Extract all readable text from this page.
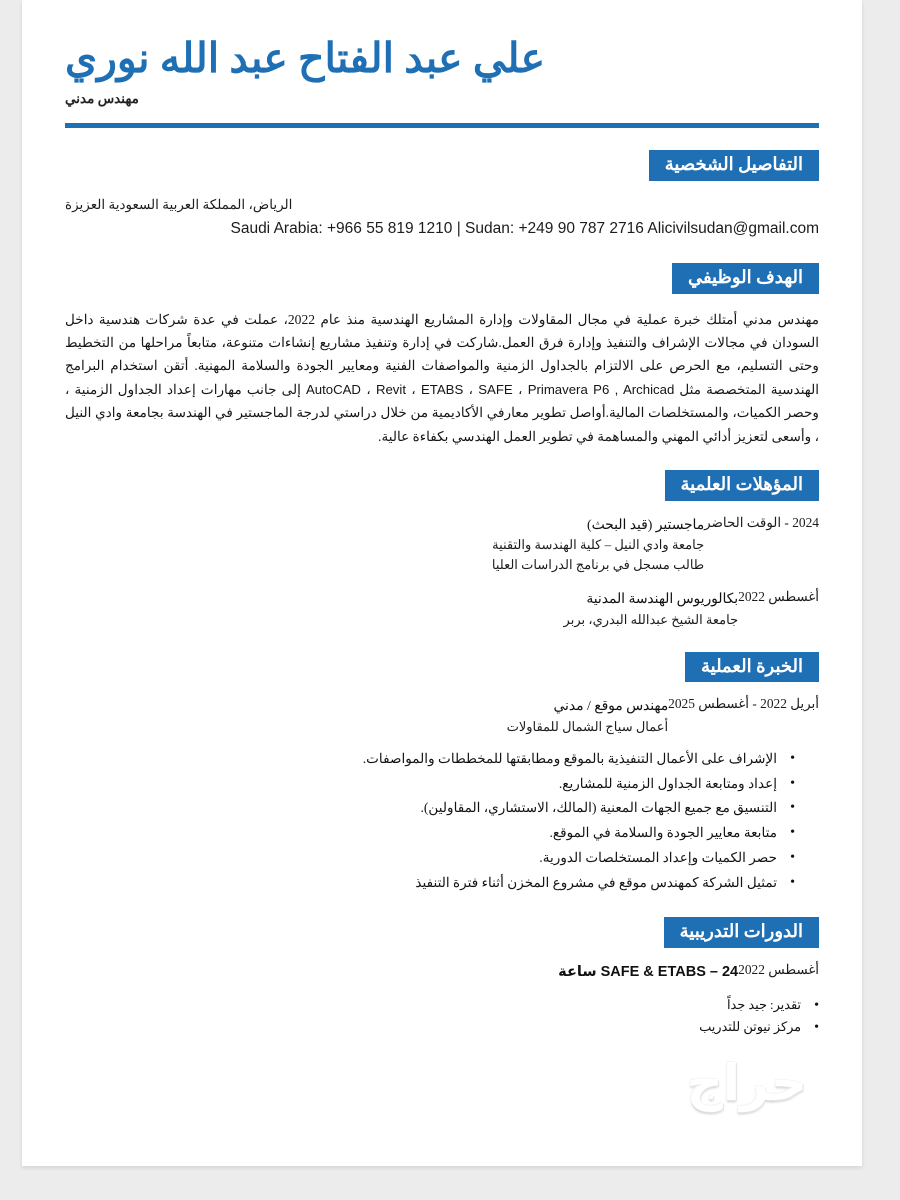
علي عبد الفتاح عبد الله نوري
مهندس مدني
التفاصيل الشخصية
الرياض، المملكة العربية السعودية العزيزة
Saudi Arabia: +966 55 819 1210 | Sudan: +249 90 787 2716 Alicivilsudan@gmail.com
الهدف الوظيفي

مهندس مدني أمتلك خبرة عملية في مجال المقاولات وإدارة المشاريع الهندسية منذ عام 2022، عملت في عدة شركات هندسية داخل السودان في مجالات الإشراف والتنفيذ وإدارة فرق العمل.شاركت في إدارة وتنفيذ مشاريع إنشاءات متنوعة، متابعاً مراحلها من التخطيط وحتى التسليم، مع الحرص على الالتزام بالجداول الزمنية والمواصفات الفنية ومعايير الجودة والسلامة المهنية. أتقن استخدام البرامج الهندسية المتخصصة مثل AutoCAD ، Revit ، ETABS ، SAFE ، Primavera P6 , Archicad إلى جانب مهارات إعداد الجداول الزمنية ، وحصر الكميات، والمستخلصات المالية.أواصل تطوير معارفي الأكاديمية من خلال دراستي لدرجة الماجستير في الهندسة بجامعة وادي النيل ، وأسعى لتعزيز أدائي المهني والمساهمة في تطوير العمل الهندسي بكفاءة عالية.

المؤهلات العلمية
ماجستير (قيد البحث)
جامعة وادي النيل – كلية الهندسة والتقنية
طالب مسجل في برنامج الدراسات العليا
2024 - الوقت الحاضر
بكالوريوس الهندسة المدنية
جامعة الشيخ عبدالله البدري، بربر
أغسطس 2022
الخبرة العملية
مهندس موقع / مدني
أعمال سياج الشمال للمقاولات
أبريل 2022 - أغسطس 2025
• الإشراف على الأعمال التنفيذية بالموقع ومطابقتها للمخططات والمواصفات.
• إعداد ومتابعة الجداول الزمنية للمشاريع.
• التنسيق مع جميع الجهات المعنية (المالك، الاستشاري، المقاولين).
• متابعة معايير الجودة والسلامة في الموقع.
• حصر الكميات وإعداد المستخلصات الدورية.
• تمثيل الشركة كمهندس موقع في مشروع المخزن أثناء فترة التنفيذ
الدورات التدريبية
SAFE & ETABS – 24 ساعة أغسطس 2022
• تقدير: جيد جداً
• مركز نيوتن للتدريب
حراج
